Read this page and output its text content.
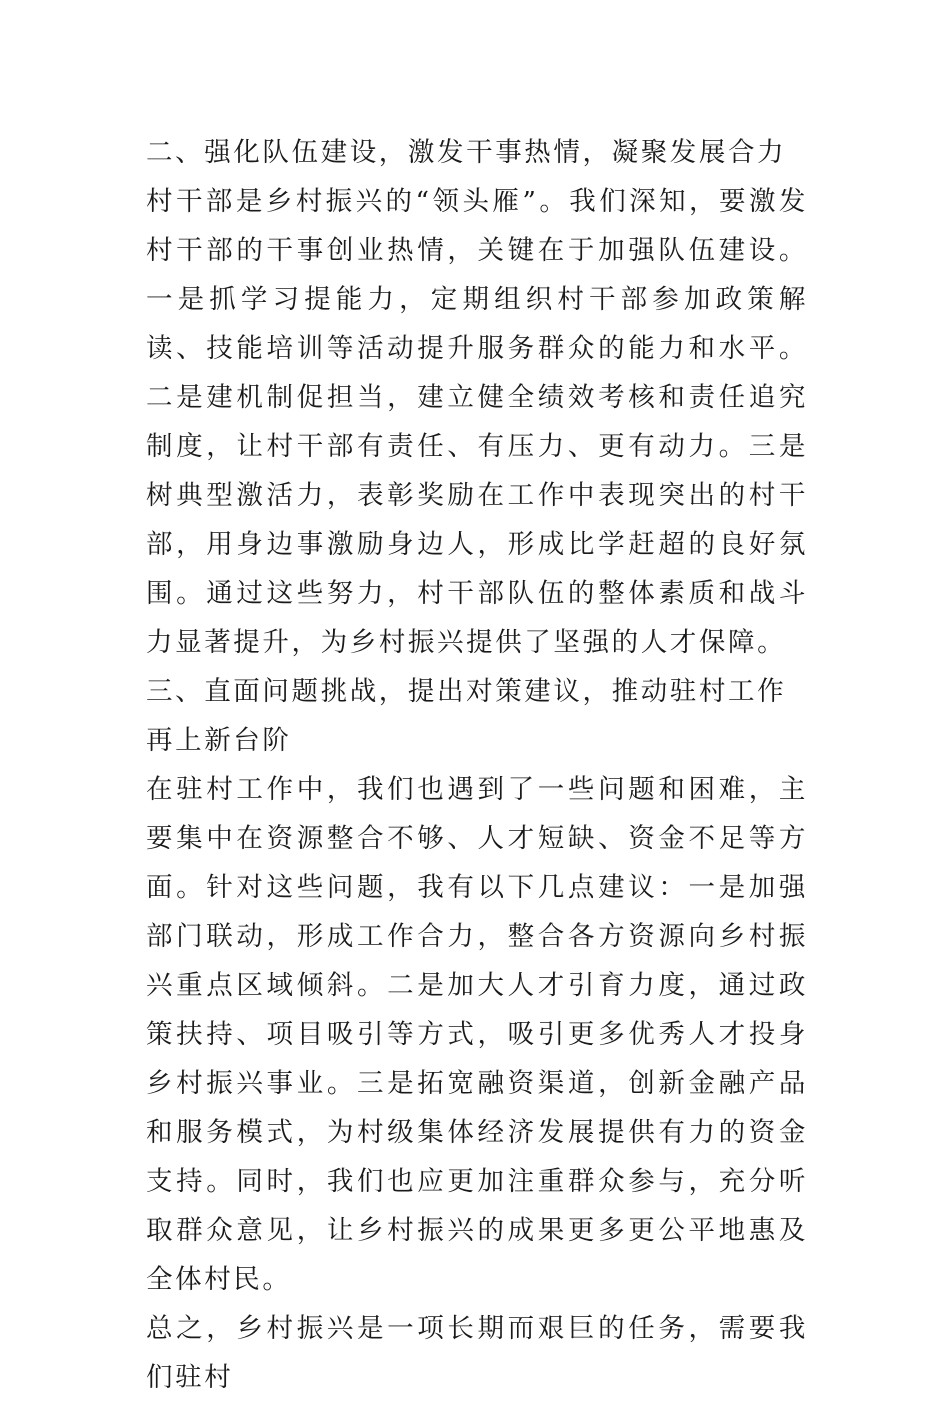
二、强化队伍建设，激发干事热情，凝聚发展合力

村干部是乡村振兴的“领头雁”。我们深知，要激发村干部的干事创业热情，关键在于加强队伍建设。一是抓学习提能力，定期组织村干部参加政策解读、技能培训等活动提升服务群众的能力和水平。二是建机制促担当，建立健全绩效考核和责任追究制度，让村干部有责任、有压力、更有动力。三是树典型激活力，表彰奖励在工作中表现突出的村干部，用身边事激励身边人，形成比学赶超的良好氛围。通过这些努力，村干部队伍的整体素质和战斗力显著提升，为乡村振兴提供了坚强的人才保障。

三、直面问题挑战，提出对策建议，推动驻村工作再上新台阶

在驻村工作中，我们也遇到了一些问题和困难，主要集中在资源整合不够、人才短缺、资金不足等方面。针对这些问题，我有以下几点建议：一是加强部门联动，形成工作合力，整合各方资源向乡村振兴重点区域倾斜。二是加大人才引育力度，通过政策扶持、项目吸引等方式，吸引更多优秀人才投身乡村振兴事业。三是拓宽融资渠道，创新金融产品和服务模式，为村级集体经济发展提供有力的资金支持。同时，我们也应更加注重群众参与，充分听取群众意见，让乡村振兴的成果更多更公平地惠及全体村民。

总之，乡村振兴是一项长期而艰巨的任务，需要我们驻村
